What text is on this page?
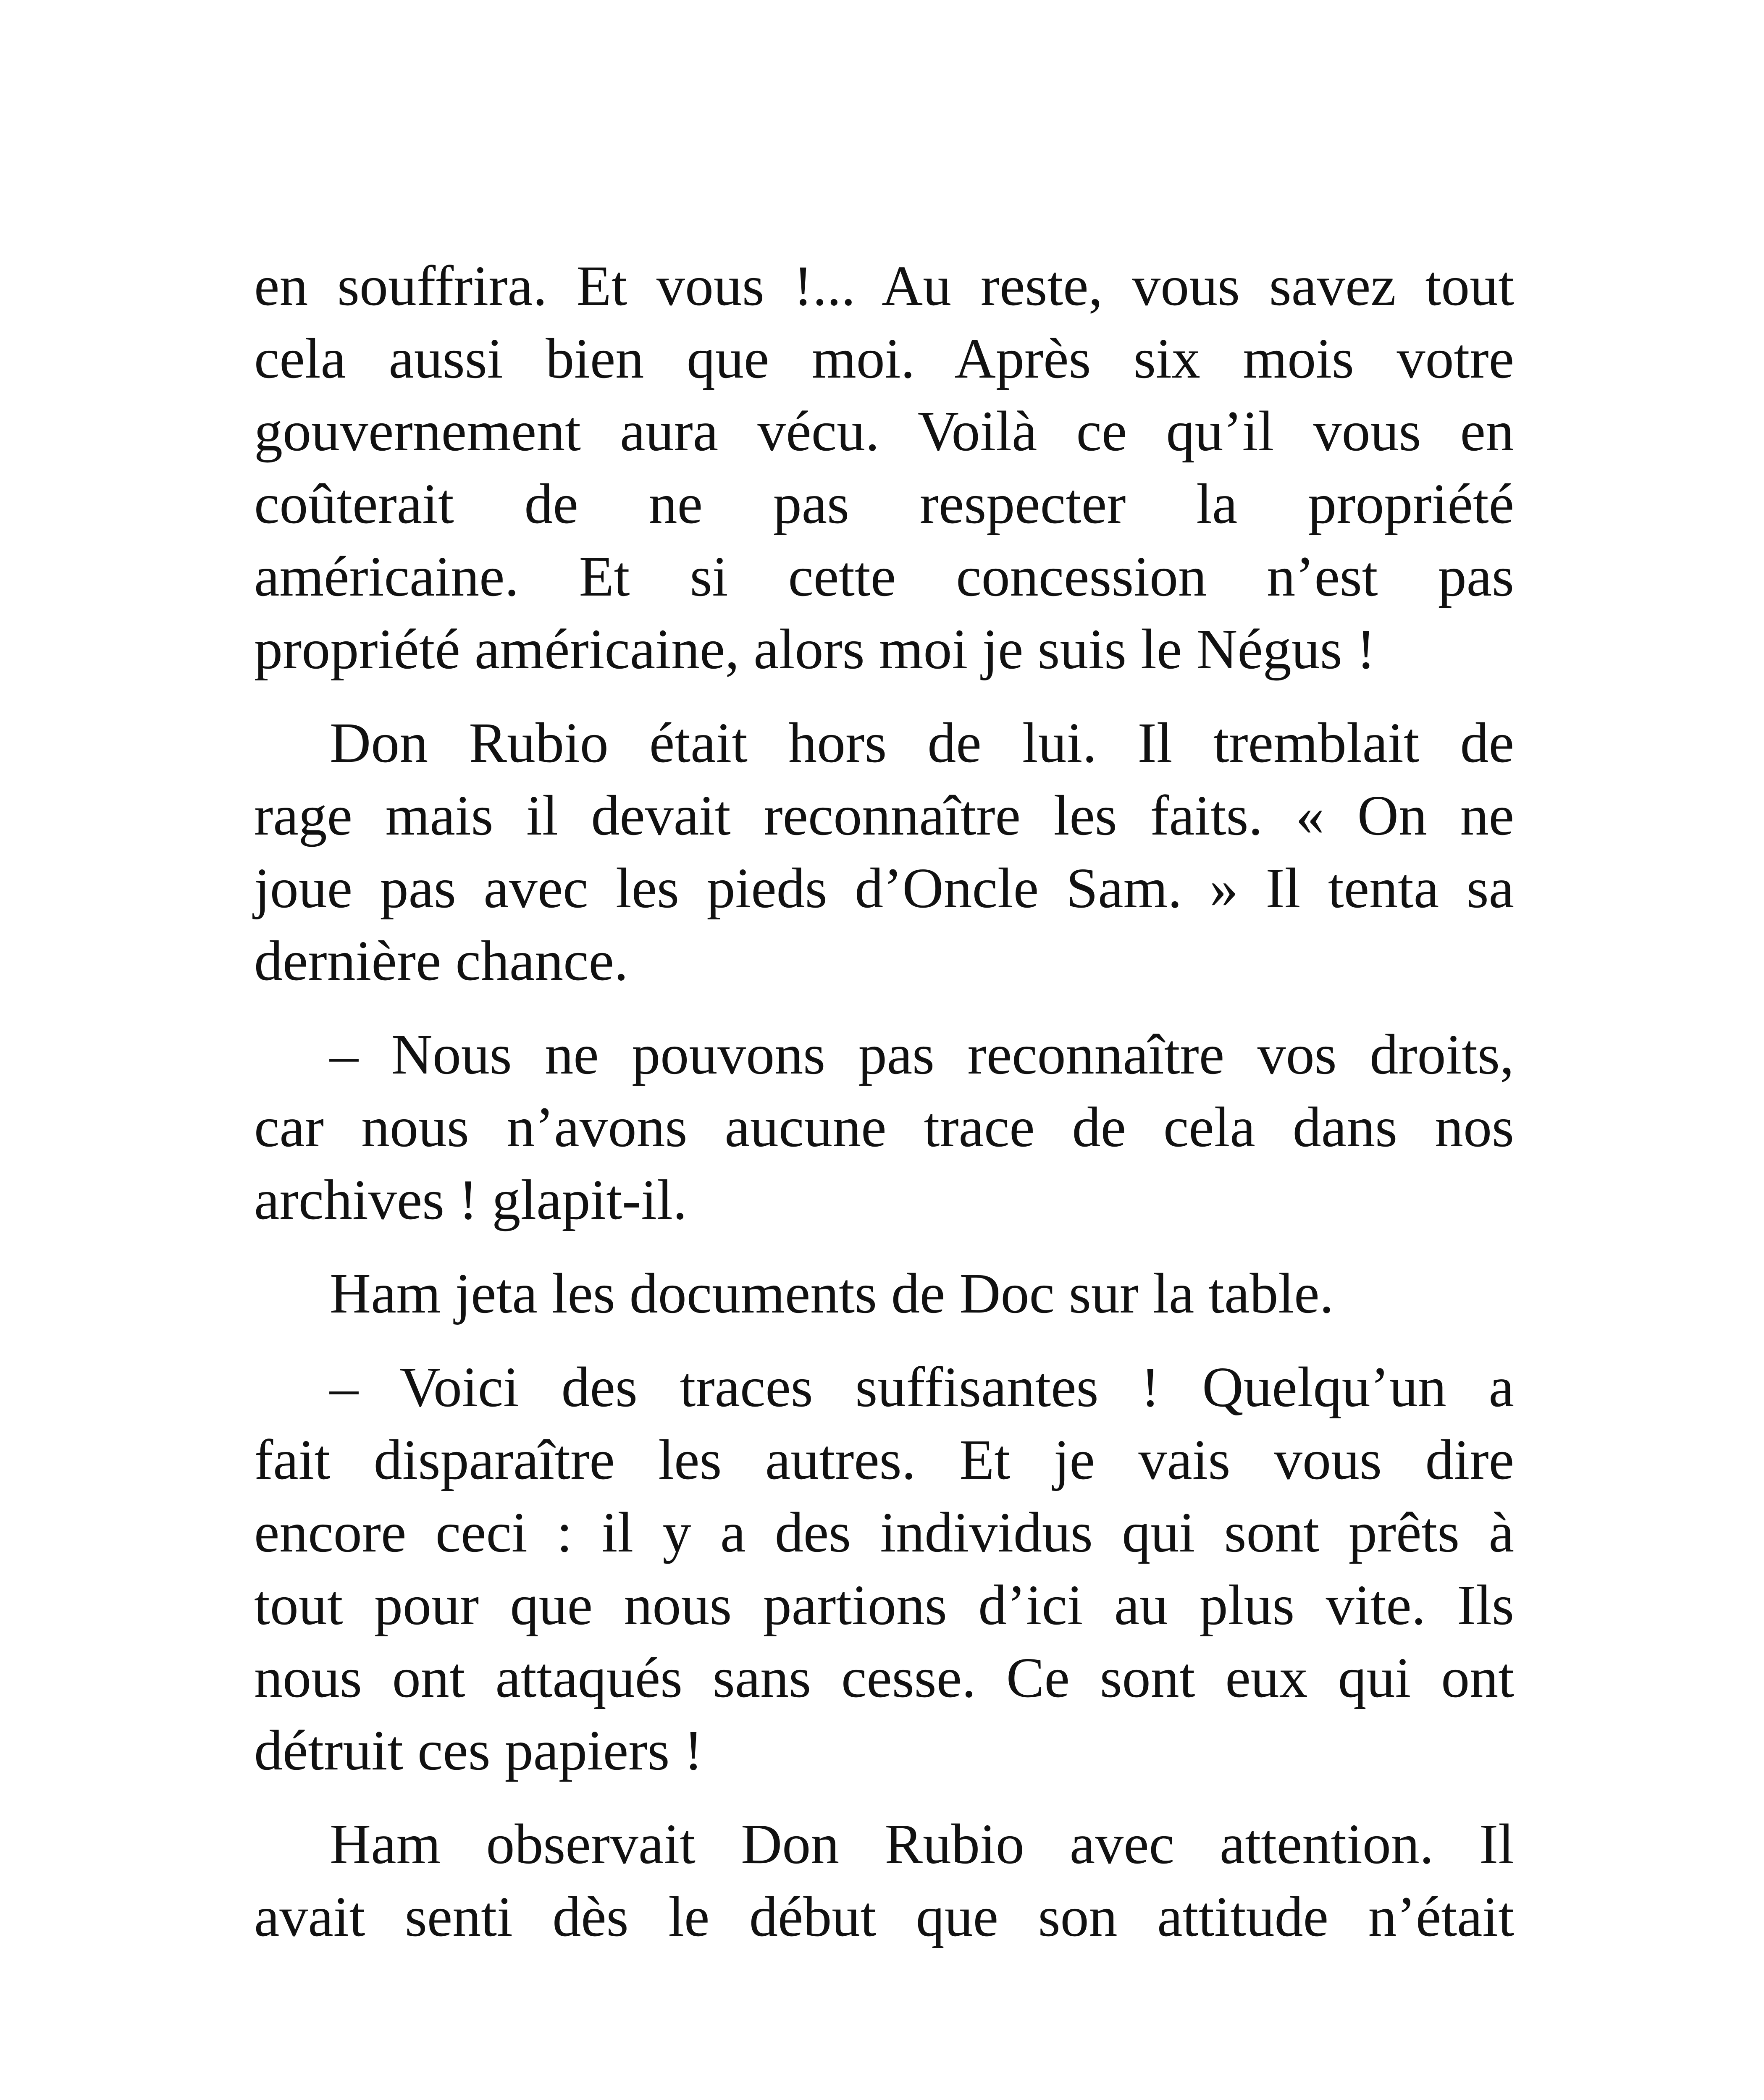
en souffrira. Et vous !... Au reste, vous savez tout
cela aussi bien que moi. Après six mois votre
gouvernement aura vécu. Voilà ce qu’il vous en
coûterait de ne pas respecter la propriété
américaine. Et si cette concession n’est pas
propriété américaine, alors moi je suis le Négus !
Don Rubio était hors de lui. Il tremblait de
rage mais il devait reconnaître les faits. « On ne
joue pas avec les pieds d’Oncle Sam. » Il tenta sa
dernière chance.
– Nous ne pouvons pas reconnaître vos droits,
car nous n’avons aucune trace de cela dans nos
archives ! glapit-il.
Ham jeta les documents de Doc sur la table.
– Voici des traces suffisantes ! Quelqu’un a
fait disparaître les autres. Et je vais vous dire
encore ceci : il y a des individus qui sont prêts à
tout pour que nous partions d’ici au plus vite. Ils
nous ont attaqués sans cesse. Ce sont eux qui ont
détruit ces papiers !
Ham observait Don Rubio avec attention. Il
avait senti dès le début que son attitude n’était
